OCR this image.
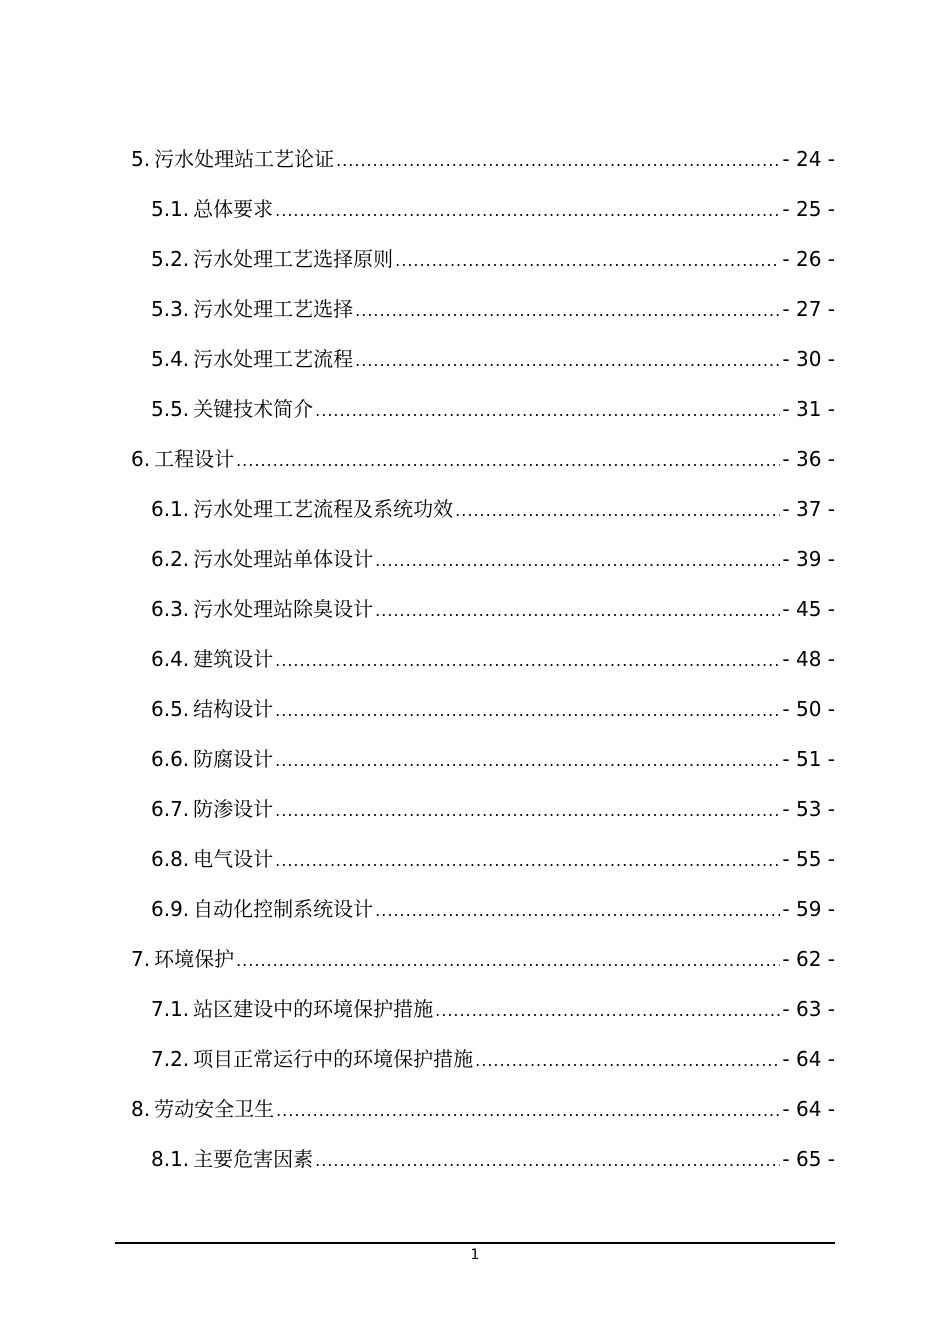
5. 污水处理站工艺论证 .....	- 24 -
5.1. 总体要求 .....	- 25 -
5.2. 污水处理工艺选择原则 .....	- 26 -
5.3. 污水处理工艺选择 .....	- 27 -
5.4. 污水处理工艺流程 .....	- 30 -
5.5. 关键技术简介 .....	- 31 -
6. 工程设计 .....	- 36 -
6.1. 污水处理工艺流程及系统功效 .....	- 37 -
6.2. 污水处理站单体设计 .....	- 39 -
6.3. 污水处理站除臭设计 .....	- 45 -
6.4. 建筑设计 .....	- 48 -
6.5. 结构设计 .....	- 50 -
6.6. 防腐设计 .....	- 51 -
6.7. 防渗设计 .....	- 53 -
6.8. 电气设计 .....	- 55 -
6.9. 自动化控制系统设计 .....	- 59 -
7. 环境保护 .....	- 62 -
7.1. 站区建设中的环境保护措施 .....	- 63 -
7.2. 项目正常运行中的环境保护措施 .....	- 64 -
8. 劳动安全卫生 .....	- 64 -
8.1. 主要危害因素 .....	- 65 -
1
